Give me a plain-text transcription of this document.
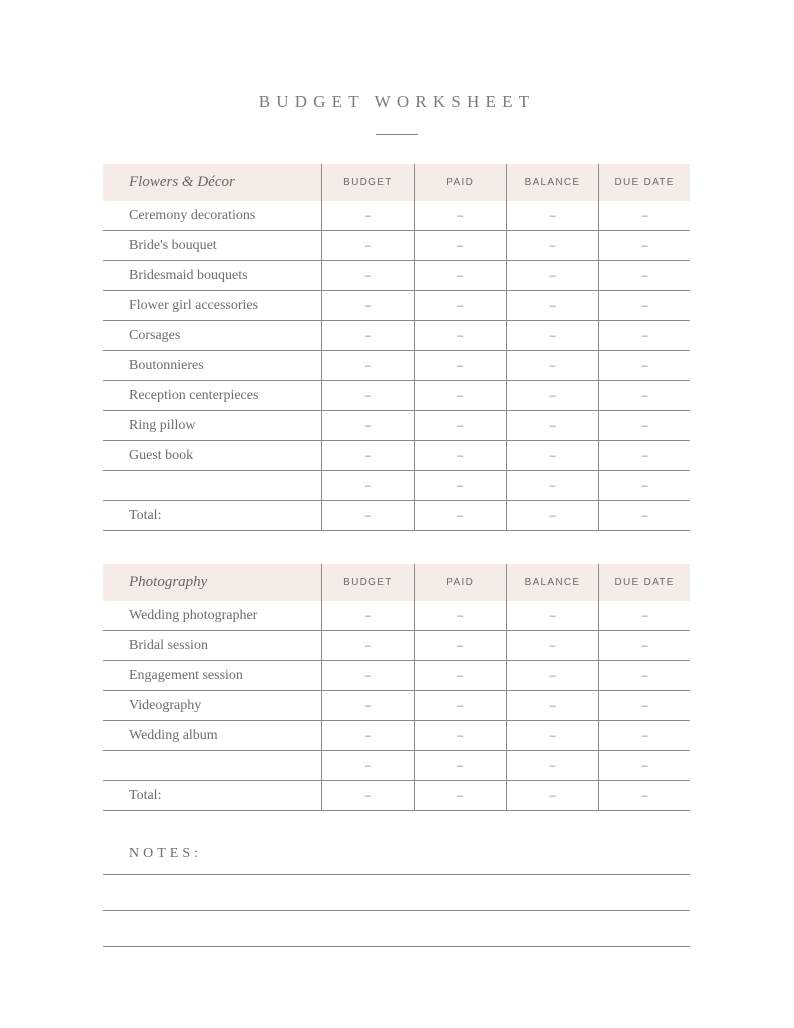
BUDGET WORKSHEET
Flowers & Décor	BUDGET	PAID	BALANCE	DUE DATE
Ceremony decorations	–	–	–	–
Bride's bouquet	–	–	–	–
Bridesmaid bouquets	–	–	–	–
Flower girl accessories	–	–	–	–
Corsages	–	–	–	–
Boutonnieres	–	–	–	–
Reception centerpieces	–	–	–	–
Ring pillow	–	–	–	–
Guest book	–	–	–	–
	–	–	–	–
Total:	–	–	–	–
Photography	BUDGET	PAID	BALANCE	DUE DATE
Wedding photographer	–	–	–	–
Bridal session	–	–	–	–
Engagement session	–	–	–	–
Videography	–	–	–	–
Wedding album	–	–	–	–
	–	–	–	–
Total:	–	–	–	–
NOTES:
